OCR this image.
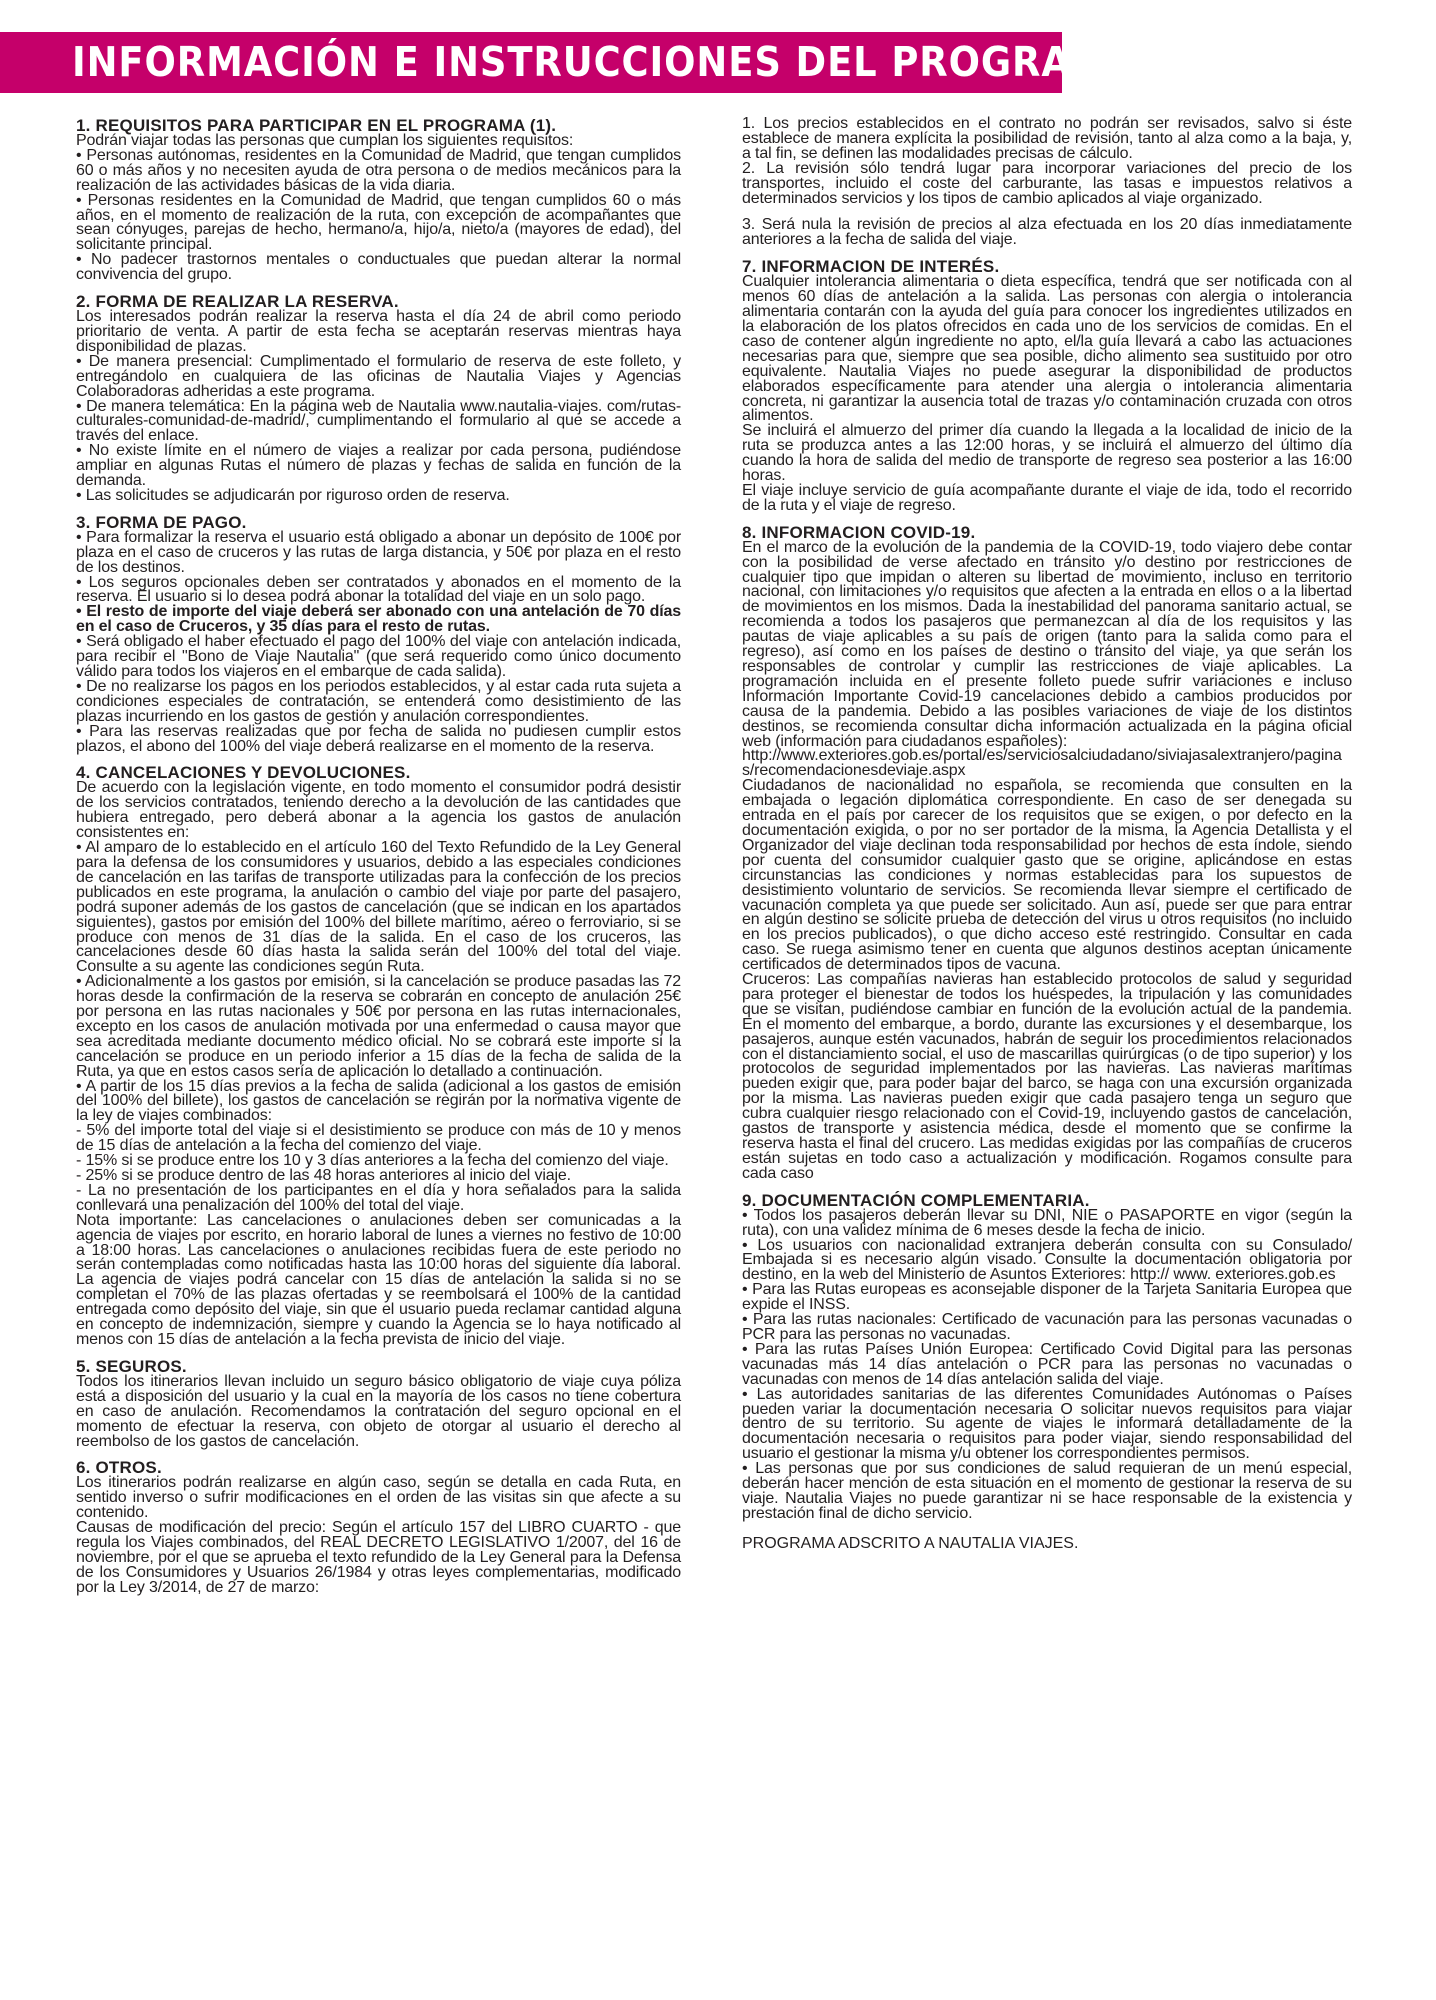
INFORMACIÓN E INSTRUCCIONES DEL PROGRAMA
1. REQUISITOS PARA PARTICIPAR EN EL PROGRAMA (1).

Podrán viajar todas las personas que cumplan los siguientes requisitos:

• Personas autónomas, residentes en la Comunidad de Madrid, que tengan cumplidos 60 o más años y no necesiten ayuda de otra persona o de medios mecánicos para la realización de las actividades básicas de la vida diaria.

• Personas residentes en la Comunidad de Madrid, que tengan cumplidos 60 o más años, en el momento de realización de la ruta, con excepción de acompañantes que sean cónyuges, parejas de hecho, hermano/a, hijo/a, nieto/a (mayores de edad), del solicitante principal.

• No padecer trastornos mentales o conductuales que puedan alterar la normal convivencia del grupo.

2. FORMA DE REALIZAR LA RESERVA.

Los interesados podrán realizar la reserva hasta el día 24 de abril como periodo prioritario de venta. A partir de esta fecha se aceptarán reservas mientras haya disponibilidad de plazas.

• De manera presencial: Cumplimentado el formulario de reserva de este folleto, y entregándolo en cualquiera de las oficinas de Nautalia Viajes y Agencias Colaboradoras adheridas a este programa.

• De manera telemática: En la página web de Nautalia www.nautalia-viajes. com/rutas-culturales-comunidad-de-madrid/, cumplimentando el formulario al que se accede a través del enlace.

• No existe límite en el número de viajes a realizar por cada persona, pudiéndose ampliar en algunas Rutas el número de plazas y fechas de salida en función de la demanda.

• Las solicitudes se adjudicarán por riguroso orden de reserva.

3. FORMA DE PAGO.

• Para formalizar la reserva el usuario está obligado a abonar un depósito de 100€ por plaza en el caso de cruceros y las rutas de larga distancia, y 50€ por plaza en el resto de los destinos.

• Los seguros opcionales deben ser contratados y abonados en el momento de la reserva. El usuario si lo desea podrá abonar la totalidad del viaje en un solo pago.

• El resto de importe del viaje deberá ser abonado con una antelación de 70 días en el caso de Cruceros, y 35 días para el resto de rutas.

• Será obligado el haber efectuado el pago del 100% del viaje con antelación indicada, para recibir el "Bono de Viaje Nautalia" (que será requerido como único documento válido para todos los viajeros en el embarque de cada salida).

• De no realizarse los pagos en los periodos establecidos, y al estar cada ruta sujeta a condiciones especiales de contratación, se entenderá como desistimiento de las plazas incurriendo en los gastos de gestión y anulación correspondientes.

• Para las reservas realizadas que por fecha de salida no pudiesen cumplir estos plazos, el abono del 100% del viaje deberá realizarse en el momento de la reserva.

4. CANCELACIONES Y DEVOLUCIONES.

De acuerdo con la legislación vigente, en todo momento el consumidor podrá desistir de los servicios contratados, teniendo derecho a la devolución de las cantidades que hubiera entregado, pero deberá abonar a la agencia los gastos de anulación consistentes en:

• Al amparo de lo establecido en el artículo 160 del Texto Refundido de la Ley General para la defensa de los consumidores y usuarios, debido a las especiales condiciones de cancelación en las tarifas de transporte utilizadas para la confección de los precios publicados en este programa, la anulación o cambio del viaje por parte del pasajero, podrá suponer además de los gastos de cancelación (que se indican en los apartados siguientes), gastos por emisión del 100% del billete marítimo, aéreo o ferroviario, si se produce con menos de 31 días de la salida. En el caso de los cruceros, las cancelaciones desde 60 días hasta la salida serán del 100% del total del viaje. Consulte a su agente las condiciones según Ruta.

• Adicionalmente a los gastos por emisión, si la cancelación se produce pasadas las 72 horas desde la confirmación de la reserva se cobrarán en concepto de anulación 25€ por persona en las rutas nacionales y 50€ por persona en las rutas internacionales, excepto en los casos de anulación motivada por una enfermedad o causa mayor que sea acreditada mediante documento médico oficial. No se cobrará este importe si la cancelación se produce en un periodo inferior a 15 días de la fecha de salida de la Ruta, ya que en estos casos sería de aplicación lo detallado a continuación.

• A partir de los 15 días previos a la fecha de salida (adicional a los gastos de emisión del 100% del billete), los gastos de cancelación se regirán por la normativa vigente de la ley de viajes combinados:

- 5% del importe total del viaje si el desistimiento se produce con más de 10 y menos de 15 días de antelación a la fecha del comienzo del viaje.

- 15% si se produce entre los 10 y 3 días anteriores a la fecha del comienzo del viaje.

- 25% si se produce dentro de las 48 horas anteriores al inicio del viaje.

- La no presentación de los participantes en el día y hora señalados para la salida conllevará una penalización del 100% del total del viaje.

Nota importante: Las cancelaciones o anulaciones deben ser comunicadas a la agencia de viajes por escrito, en horario laboral de lunes a viernes no festivo de 10:00 a 18:00 horas. Las cancelaciones o anulaciones recibidas fuera de este periodo no serán contempladas como notificadas hasta las 10:00 horas del siguiente día laboral. La agencia de viajes podrá cancelar con 15 días de antelación la salida si no se completan el 70% de las plazas ofertadas y se reembolsará el 100% de la cantidad entregada como depósito del viaje, sin que el usuario pueda reclamar cantidad alguna en concepto de indemnización, siempre y cuando la Agencia se lo haya notificado al menos con 15 días de antelación a la fecha prevista de inicio del viaje.

5. SEGUROS.

Todos los itinerarios llevan incluido un seguro básico obligatorio de viaje cuya póliza está a disposición del usuario y la cual en la mayoría de los casos no tiene cobertura en caso de anulación. Recomendamos la contratación del seguro opcional en el momento de efectuar la reserva, con objeto de otorgar al usuario el derecho al reembolso de los gastos de cancelación.

6. OTROS.

Los itinerarios podrán realizarse en algún caso, según se detalla en cada Ruta, en sentido inverso o sufrir modificaciones en el orden de las visitas sin que afecte a su contenido.

Causas de modificación del precio: Según el artículo 157 del LIBRO CUARTO - que regula los Viajes combinados, del REAL DECRETO LEGISLATIVO 1/2007, del 16 de noviembre, por el que se aprueba el texto refundido de la Ley General para la Defensa de los Consumidores y Usuarios 26/1984 y otras leyes complementarias, modificado por la Ley 3/2014, de 27 de marzo:

1. Los precios establecidos en el contrato no podrán ser revisados, salvo si éste establece de manera explícita la posibilidad de revisión, tanto al alza como a la baja, y, a tal fin, se definen las modalidades precisas de cálculo.

2. La revisión sólo tendrá lugar para incorporar variaciones del precio de los transportes, incluido el coste del carburante, las tasas e impuestos relativos a determinados servicios y los tipos de cambio aplicados al viaje organizado.

3. Será nula la revisión de precios al alza efectuada en los 20 días inmediatamente anteriores a la fecha de salida del viaje.

7. INFORMACION DE INTERÉS.

Cualquier intolerancia alimentaria o dieta específica, tendrá que ser notificada con al menos 60 días de antelación a la salida. Las personas con alergia o intolerancia alimentaria contarán con la ayuda del guía para conocer los ingredientes utilizados en la elaboración de los platos ofrecidos en cada uno de los servicios de comidas. En el caso de contener algún ingrediente no apto, el/la guía llevará a cabo las actuaciones necesarias para que, siempre que sea posible, dicho alimento sea sustituido por otro equivalente. Nautalia Viajes no puede asegurar la disponibilidad de productos elaborados específicamente para atender una alergia o intolerancia alimentaria concreta, ni garantizar la ausencia total de trazas y/o contaminación cruzada con otros alimentos.

Se incluirá el almuerzo del primer día cuando la llegada a la localidad de inicio de la ruta se produzca antes a las 12:00 horas, y se incluirá el almuerzo del último día cuando la hora de salida del medio de transporte de regreso sea posterior a las 16:00 horas.

El viaje incluye servicio de guía acompañante durante el viaje de ida, todo el recorrido de la ruta y el viaje de regreso.

8. INFORMACION COVID-19.

En el marco de la evolución de la pandemia de la COVID-19, todo viajero debe contar con la posibilidad de verse afectado en tránsito y/o destino por restricciones de cualquier tipo que impidan o alteren su libertad de movimiento, incluso en territorio nacional, con limitaciones y/o requisitos que afecten a la entrada en ellos o a la libertad de movimientos en los mismos. Dada la inestabilidad del panorama sanitario actual, se recomienda a todos los pasajeros que permanezcan al día de los requisitos y las pautas de viaje aplicables a su país de origen (tanto para la salida como para el regreso), así como en los países de destino o tránsito del viaje, ya que serán los responsables de controlar y cumplir las restricciones de viaje aplicables. La programación incluida en el presente folleto puede sufrir variaciones e incluso Información Importante Covid-19 cancelaciones debido a cambios producidos por causa de la pandemia. Debido a las posibles variaciones de viaje de los distintos destinos, se recomienda consultar dicha información actualizada en la página oficial web (información para ciudadanos españoles):

http://www.exteriores.gob.es/portal/es/serviciosalciudadano/siviajasalextranjero/paginas/recomendacionesdeviaje.aspx

Ciudadanos de nacionalidad no española, se recomienda que consulten en la embajada o legación diplomática correspondiente. En caso de ser denegada su entrada en el país por carecer de los requisitos que se exigen, o por defecto en la documentación exigida, o por no ser portador de la misma, la Agencia Detallista y el Organizador del viaje declinan toda responsabilidad por hechos de esta índole, siendo por cuenta del consumidor cualquier gasto que se origine, aplicándose en estas circunstancias las condiciones y normas establecidas para los supuestos de desistimiento voluntario de servicios. Se recomienda llevar siempre el certificado de vacunación completa ya que puede ser solicitado. Aun así, puede ser que para entrar en algún destino se solicite prueba de detección del virus u otros requisitos (no incluido en los precios publicados), o que dicho acceso esté restringido. Consultar en cada caso. Se ruega asimismo tener en cuenta que algunos destinos aceptan únicamente certificados de determinados tipos de vacuna.

Cruceros: Las compañías navieras han establecido protocolos de salud y seguridad para proteger el bienestar de todos los huéspedes, la tripulación y las comunidades que se visitan, pudiéndose cambiar en función de la evolución actual de la pandemia. En el momento del embarque, a bordo, durante las excursiones y el desembarque, los pasajeros, aunque estén vacunados, habrán de seguir los procedimientos relacionados con el distanciamiento social, el uso de mascarillas quirúrgicas (o de tipo superior) y los protocolos de seguridad implementados por las navieras. Las navieras marítimas pueden exigir que, para poder bajar del barco, se haga con una excursión organizada por la misma. Las navieras pueden exigir que cada pasajero tenga un seguro que cubra cualquier riesgo relacionado con el Covid-19, incluyendo gastos de cancelación, gastos de transporte y asistencia médica, desde el momento que se confirme la reserva hasta el final del crucero. Las medidas exigidas por las compañías de cruceros están sujetas en todo caso a actualización y modificación. Rogamos consulte para cada caso

9. DOCUMENTACIÓN COMPLEMENTARIA.

• Todos los pasajeros deberán llevar su DNI, NIE o PASAPORTE en vigor (según la ruta), con una validez mínima de 6 meses desde la fecha de inicio.

• Los usuarios con nacionalidad extranjera deberán consulta con su Consulado/ Embajada si es necesario algún visado. Consulte la documentación obligatoria por destino, en la web del Ministerio de Asuntos Exteriores: http:// www. exteriores.gob.es

• Para las Rutas europeas es aconsejable disponer de la Tarjeta Sanitaria Europea que expide el INSS.

• Para las rutas nacionales: Certificado de vacunación para las personas vacunadas o PCR para las personas no vacunadas.

• Para las rutas Países Unión Europea: Certificado Covid Digital para las personas vacunadas más 14 días antelación o PCR para las personas no vacunadas o vacunadas con menos de 14 días antelación salida del viaje.

• Las autoridades sanitarias de las diferentes Comunidades Autónomas o Países pueden variar la documentación necesaria O solicitar nuevos requisitos para viajar dentro de su territorio. Su agente de viajes le informará detalladamente de la documentación necesaria o requisitos para poder viajar, siendo responsabilidad del usuario el gestionar la misma y/u obtener los correspondientes permisos.

• Las personas que por sus condiciones de salud requieran de un menú especial, deberán hacer mención de esta situación en el momento de gestionar la reserva de su viaje. Nautalia Viajes no puede garantizar ni se hace responsable de la existencia y prestación final de dicho servicio.

PROGRAMA ADSCRITO A NAUTALIA VIAJES.
